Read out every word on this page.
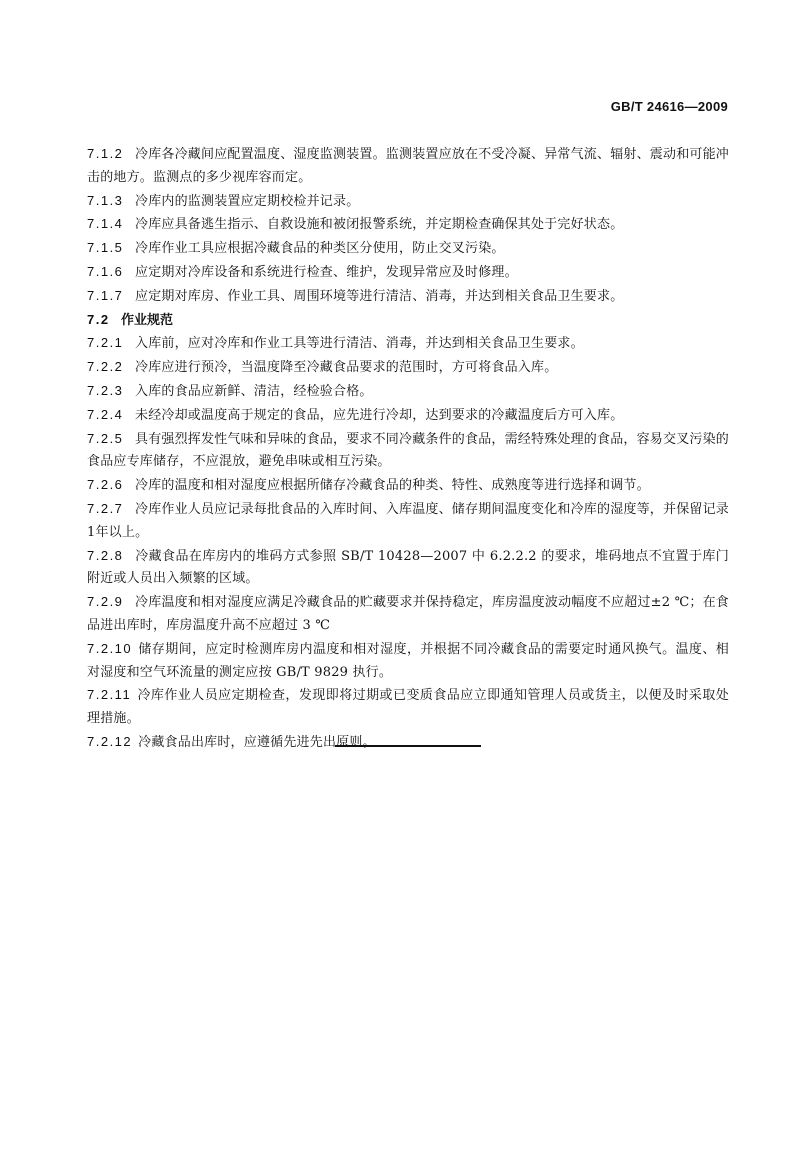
GB/T 24616—2009

7.1.2 冷库各冷藏间应配置温度、湿度监测装置。监测装置应放在不受冷凝、异常气流、辐射、震动和可能冲击的地方。监测点的多少视库容而定。

7.1.3 冷库内的监测装置应定期校检并记录。

7.1.4 冷库应具备逃生指示、自救设施和被闭报警系统，并定期检查确保其处于完好状态。

7.1.5 冷库作业工具应根据冷藏食品的种类区分使用，防止交叉污染。

7.1.6 应定期对冷库设备和系统进行检查、维护，发现异常应及时修理。

7.1.7 应定期对库房、作业工具、周围环境等进行清洁、消毒，并达到相关食品卫生要求。

7.2 作业规范

7.2.1 入库前，应对冷库和作业工具等进行清洁、消毒，并达到相关食品卫生要求。

7.2.2 冷库应进行预冷，当温度降至冷藏食品要求的范围时，方可将食品入库。

7.2.3 入库的食品应新鲜、清洁，经检验合格。

7.2.4 未经冷却或温度高于规定的食品，应先进行冷却，达到要求的冷藏温度后方可入库。

7.2.5 具有强烈挥发性气味和异味的食品，要求不同冷藏条件的食品，需经特殊处理的食品，容易交叉污染的食品应专库储存，不应混放，避免串味或相互污染。

7.2.6 冷库的温度和相对湿度应根据所储存冷藏食品的种类、特性、成熟度等进行选择和调节。

7.2.7 冷库作业人员应记录每批食品的入库时间、入库温度、储存期间温度变化和冷库的湿度等，并保留记录1年以上。

7.2.8 冷藏食品在库房内的堆码方式参照 SB/T 10428—2007 中 6.2.2.2 的要求，堆码地点不宜置于库门附近或人员出入频繁的区域。

7.2.9 冷库温度和相对湿度应满足冷藏食品的贮藏要求并保持稳定，库房温度波动幅度不应超过±2 ℃；在食品进出库时，库房温度升高不应超过 3 ℃

7.2.10 储存期间，应定时检测库房内温度和相对湿度，并根据不同冷藏食品的需要定时通风换气。温度、相对湿度和空气环流量的测定应按 GB/T 9829 执行。

7.2.11 冷库作业人员应定期检查，发现即将过期或已变质食品应立即通知管理人员或货主，以便及时采取处理措施。

7.2.12 冷藏食品出库时，应遵循先进先出原则。
